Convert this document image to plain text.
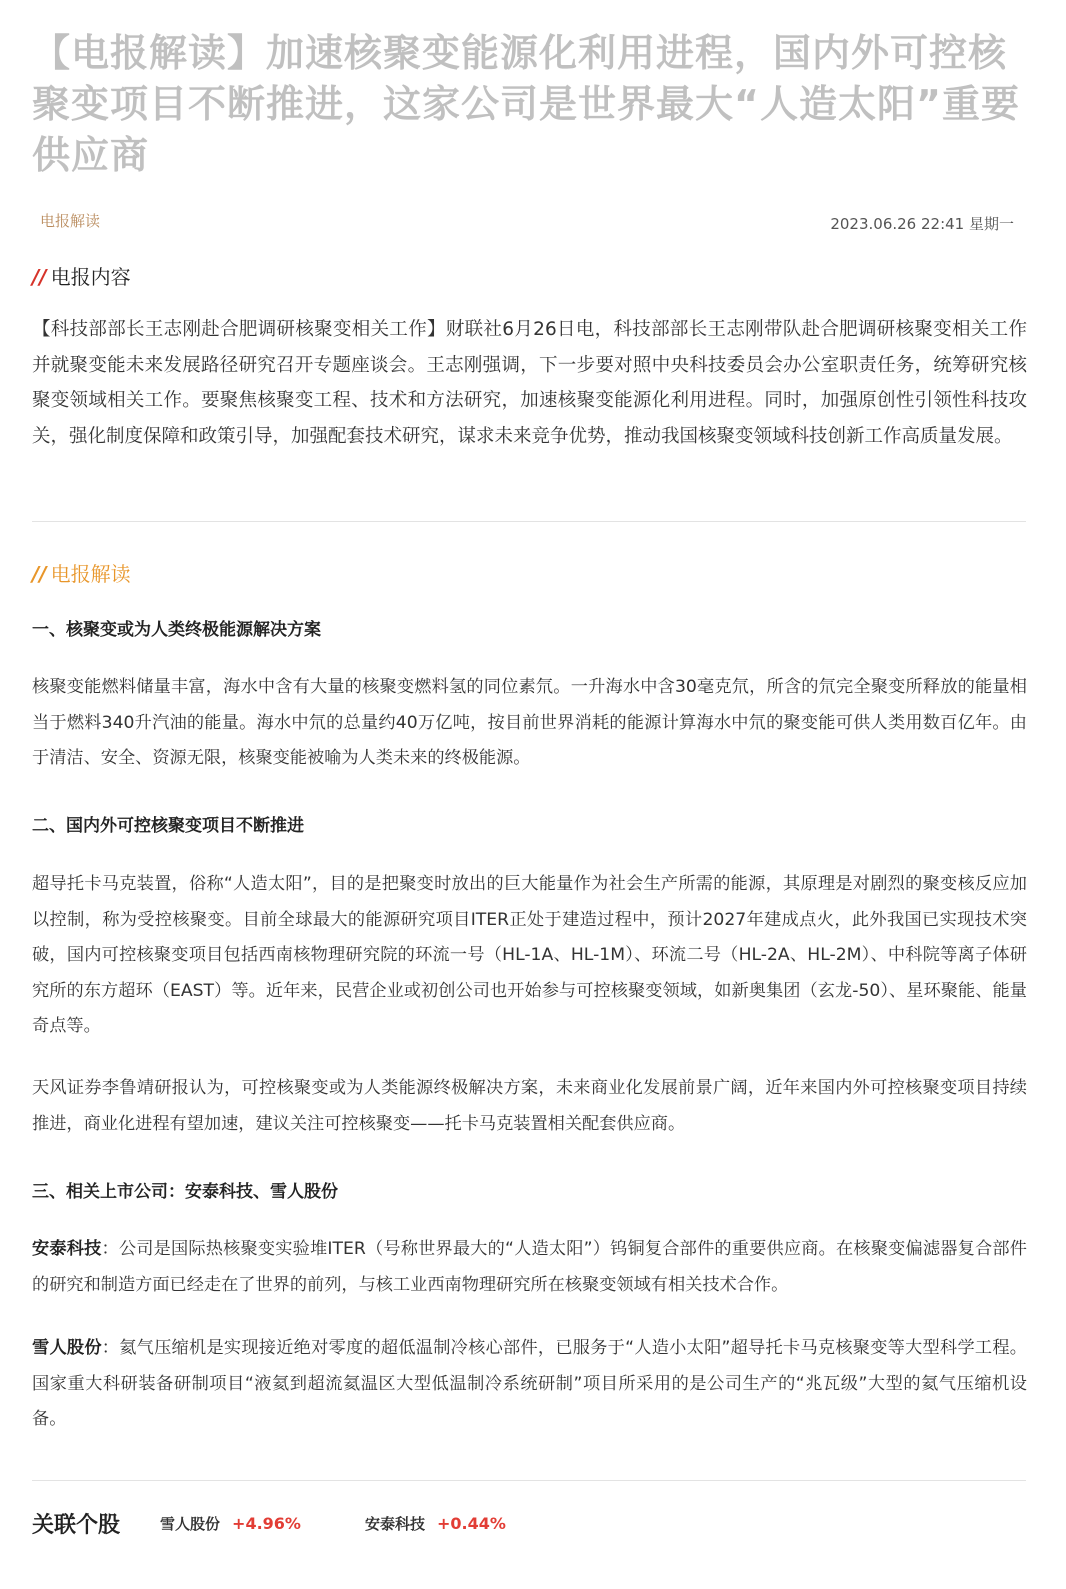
【电报解读】加速核聚变能源化利用进程，国内外可控核聚变项目不断推进，这家公司是世界最大“人造太阳”重要供应商
电报解读	2023.06.26 22:41 星期一
// 电报内容

【科技部部长王志刚赴合肥调研核聚变相关工作】财联社6月26日电，科技部部长王志刚带队赴合肥调研核聚变相关工作并就聚变能未来发展路径研究召开专题座谈会。王志刚强调，下一步要对照中央科技委员会办公室职责任务，统筹研究核聚变领域相关工作。要聚焦核聚变工程、技术和方法研究，加速核聚变能源化利用进程。同时，加强原创性引领性科技攻关，强化制度保障和政策引导，加强配套技术研究，谋求未来竞争优势，推动我国核聚变领域科技创新工作高质量发展。

// 电报解读

一、核聚变或为人类终极能源解决方案

核聚变能燃料储量丰富，海水中含有大量的核聚变燃料氢的同位素氘。一升海水中含30毫克氘，所含的氘完全聚变所释放的能量相当于燃料340升汽油的能量。海水中氘的总量约40万亿吨，按目前世界消耗的能源计算海水中氘的聚变能可供人类用数百亿年。由于清洁、安全、资源无限，核聚变能被喻为人类未来的终极能源。

二、国内外可控核聚变项目不断推进

超导托卡马克装置，俗称“人造太阳”，目的是把聚变时放出的巨大能量作为社会生产所需的能源，其原理是对剧烈的聚变核反应加以控制，称为受控核聚变。目前全球最大的能源研究项目ITER正处于建造过程中，预计2027年建成点火，此外我国已实现技术突破，国内可控核聚变项目包括西南核物理研究院的环流一号（HL-1A、HL-1M）、环流二号（HL-2A、HL-2M）、中科院等离子体研究所的东方超环（EAST）等。近年来，民营企业或初创公司也开始参与可控核聚变领域，如新奥集团（玄龙-50）、星环聚能、能量奇点等。

天风证券李鲁靖研报认为，可控核聚变或为人类能源终极解决方案，未来商业化发展前景广阔，近年来国内外可控核聚变项目持续推进，商业化进程有望加速，建议关注可控核聚变——托卡马克装置相关配套供应商。

三、相关上市公司：安泰科技、雪人股份

安泰科技：公司是国际热核聚变实验堆ITER（号称世界最大的“人造太阳”）钨铜复合部件的重要供应商。在核聚变偏滤器复合部件的研究和制造方面已经走在了世界的前列，与核工业西南物理研究所在核聚变领域有相关技术合作。

雪人股份：氦气压缩机是实现接近绝对零度的超低温制冷核心部件，已服务于“人造小太阳”超导托卡马克核聚变等大型科学工程。国家重大科研装备研制项目“液氦到超流氦温区大型低温制冷系统研制”项目所采用的是公司生产的“兆瓦级”大型的氦气压缩机设备。

关联个股	雪人股份 +4.96%	安泰科技 +0.44%
